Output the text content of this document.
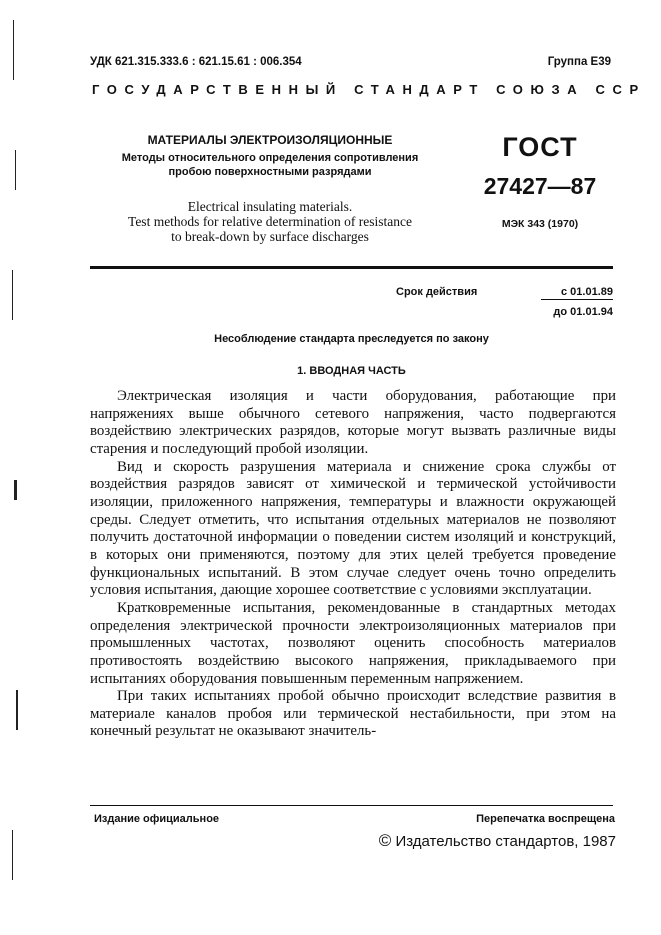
УДК 621.315.333.6 : 621.15.61 : 006.354	Группа Е39
ГОСУДАРСТВЕННЫЙ СТАНДАРТ СОЮЗА ССР
МАТЕРИАЛЫ ЭЛЕКТРОИЗОЛЯЦИОННЫЕ
Методы относительного определения сопротивления
пробою поверхностными разрядами
Electrical insulating materials.
Test methods for relative determination of resistance
to break-down by surface discharges
ГОСТ
27427—87
МЭК 343 (1970)
Срок действия	с 01.01.89
до 01.01.94
Несоблюдение стандарта преследуется по закону
1. ВВОДНАЯ ЧАСТЬ

Электрическая изоляция и части оборудования, работающие при напряжениях выше обычного сетевого напряжения, часто подвергаются воздействию электрических разрядов, которые могут вызвать различные виды старения и последующий пробой изоляции.

Вид и скорость разрушения материала и снижение срока службы от воздействия разрядов зависят от химической и термической устойчивости изоляции, приложенного напряжения, температуры и влажности окружающей среды. Следует отметить, что испытания отдельных материалов не позволяют получить достаточной информации о поведении систем изоляций и конструкций, в которых они применяются, поэтому для этих целей требуется проведение функциональных испытаний. В этом случае следует очень точно определить условия испытания, дающие хорошее соответствие с условиями эксплуатации.

Кратковременные испытания, рекомендованные в стандартных методах определения электрической прочности электроизоляционных материалов при промышленных частотах, позволяют оценить способность материалов противостоять воздействию высокого напряжения, прикладываемого при испытаниях оборудования повышенным переменным напряжением.

При таких испытаниях пробой обычно происходит вследствие развития в материале каналов пробоя или термической нестабильности, при этом на конечный результат не оказывают значитель-

Издание официальное	Перепечатка воспрещена
© Издательство стандартов, 1987
